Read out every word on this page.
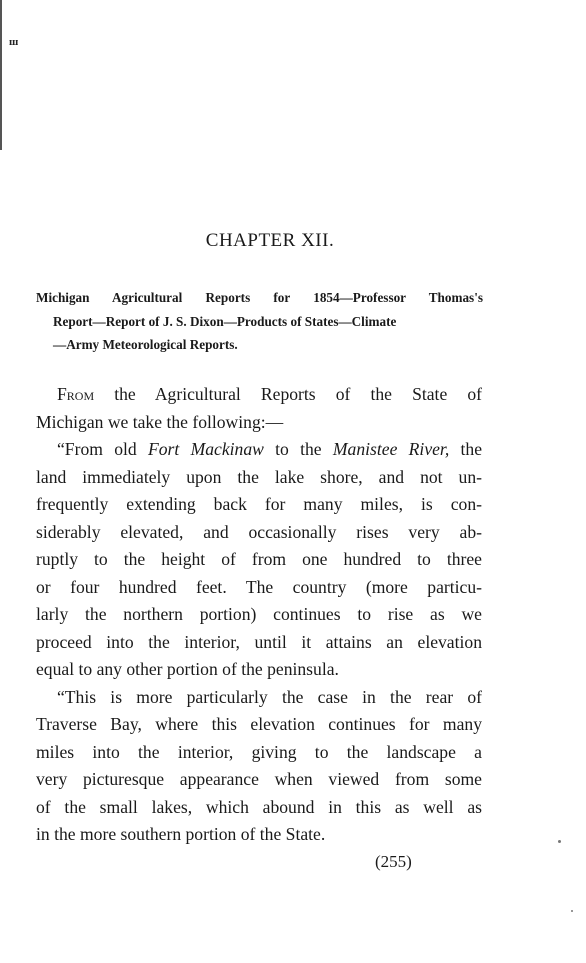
ш
CHAPTER XII.
Michigan Agricultural Reports for 1854—Professor Thomas's
Report—Report of J. S. Dixon—Products of States—Climate
—Army Meteorological Reports.
From the Agricultural Reports of the State of
Michigan we take the following:—
“From old Fort Mackinaw to the Manistee River, the
land immediately upon the lake shore, and not un-
frequently extending back for many miles, is con-
siderably elevated, and occasionally rises very ab-
ruptly to the height of from one hundred to three
or four hundred feet. The country (more particu-
larly the northern portion) continues to rise as we
proceed into the interior, until it attains an elevation
equal to any other portion of the peninsula.
“This is more particularly the case in the rear of
Traverse Bay, where this elevation continues for many
miles into the interior, giving to the landscape a
very picturesque appearance when viewed from some
of the small lakes, which abound in this as well as
in the more southern portion of the State.
(255)
